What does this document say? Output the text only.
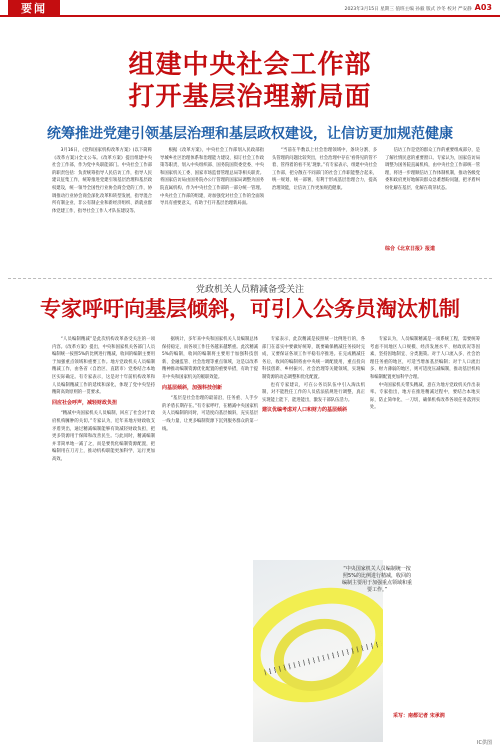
要闻	2023年3月15日 星期三 值班主编 孙毅 版式 沙冬 校对 严安静 A03
组建中央社会工作部
打开基层治理新局面
统筹推进党建引领基层治理和基层政权建设，让信访更加规范健康

3月16日，《党和国家机构改革方案》(以下简称《改革方案》)全文公布。《改革方案》提出组建中央社会工作部，作为党中央职能部门。中央社会工作部的职责包括：负责统筹指导人民信访工作，指导人民建议征集工作，统筹推进党建引领基层治理和基层政权建设，统一领导全国性行业协会商会党的工作，协调推动行业协会商会深化改革和转型发展，指导混合所有制企业、非公有制企业和新经济组织、新就业群体党建工作，指导社会工作人才队伍建设等。

根据《改革方案》，中央社会工作部划入民政部指导城乡社区治理体系和治理能力建设、拟订社会工作政策等职责，划入中央组织部、国务院国资委党委、中央和国家机关工委、国家市场监督管理总局等相关职责。将国家信访局由国务院办公厅管理的国家局调整为国务院直属机构，作为中央社会工作部的一部分统一管理。中央社会工作部的组建，对加强党对社会工作的全面领导具有重要意义，有助于打开基层治理新局面。

“当前在半数以上社会治理领域中，条块分割、多头管理的问题比较突出，社会治理中存在‘看得见的管不着、管得着的看不见’现象。”有专家表示，组建中央社会工作部，把分散在不同部门的社会工作职能整合起来，统一规划、统一部署，有利于形成基层治理合力，提高治理效能，让信访工作更加规范健康。

信访工作是党的群众工作的重要组成部分，是了解社情民意的重要窗口。专家认为，国家信访局调整为国务院直属机构，由中央社会工作部统一管理，将进一步理顺信访工作体制机制，推动各级党委和政府更好地解决群众急难愁盼问题，把矛盾纠纷化解在基层、化解在萌芽状态。

综合《北京日报》报道
党政机关人员精减备受关注
专家呼吁向基层倾斜，可引入公务员淘汰机制

“人员编制精减”是此次机构改革备受关注的一项内容。《改革方案》提出，中央和国家机关各部门人员编制统一按照5%的比例进行精减，收回的编制主要用于加强重点领域和重要工作。地方党政机关人员编制精减工作，由各省（自治区、直辖市）党委结合本地区实际确定。有专家表示，这是对十年前机构改革和人员编制精减工作的延续和深化，体现了党中央坚持精简高效原则的一贯要求。

回应社会呼声，减轻财政负担

“精减中央国家机关人员编制，回应了社会对于政府机构臃肿的关切。”专家认为，近年来地方财政收支矛盾突出，通过精减编制能够有效减轻财政负担，把更多资源用于保障和改善民生。与此同时，精减编制并非简单地一减了之，而是要优化编制资源配置，把编制用在刀刃上，推动机构职能更加科学、运行更加高效。

据统计，多年来中央和国家机关人员编制总体保持稳定，而各项工作任务越来越繁重。此次精减5%的编制，收回的编制将主要用于加强科技创新、金融监管、社会治理等重点领域，这是以改革精神推动编制资源优化配置的重要举措，有助于提升中央和国家机关的履职效能。

向基层倾斜，加强科技创新

“基层是社会治理的最前沿，任务重、人手少的矛盾长期存在。”有专家呼吁，在精减中央国家机关人员编制的同时，可适度向基层倾斜，充实基层一线力量，让更多编制资源下沉到服务群众的第一线。

专家表示，此次精减是按照统一比例进行的，各部门在落实中要做好统筹，既要确保精减任务按时完成，又要保证各项工作平稳有序推进。在完成精减任务后，收回的编制将由中央统一调配使用，重点投向科技创新、乡村振兴、社会治理等关键领域，实现编制资源的动态调整和优化配置。

也有专家建议，可在公务员队伍中引入淘汰机制，对不能胜任工作的人员依法依规进行调整，真正实现能上能下、能进能出，激发干部队伍活力。

建议优编考虑对人口和财力的基层倾斜

专家认为，人员编制精减是一项系统工程，需要统筹考虑不同地区人口规模、经济发展水平、财政状况等因素，坚持因地制宜、分类施策。对于人口流入多、社会治理任务重的地区，可适当增加基层编制；对于人口流出多、财力薄弱的地区，则可适度压减编制，推动基层机构和编制配置更加科学合理。

中央国家机关带头精减，意在为地方党政机关作出表率。专家指出，地方在推进精减过程中，要结合本地实际，防止简单化、一刀切，确保机构改革各项任务落到实处。

“中央国家机关人员编制统一按照5%的比例进行精减，收回的编制主要用于加强重点领域和重要工作。”
采写：南都记者 宋承润
IC供图
